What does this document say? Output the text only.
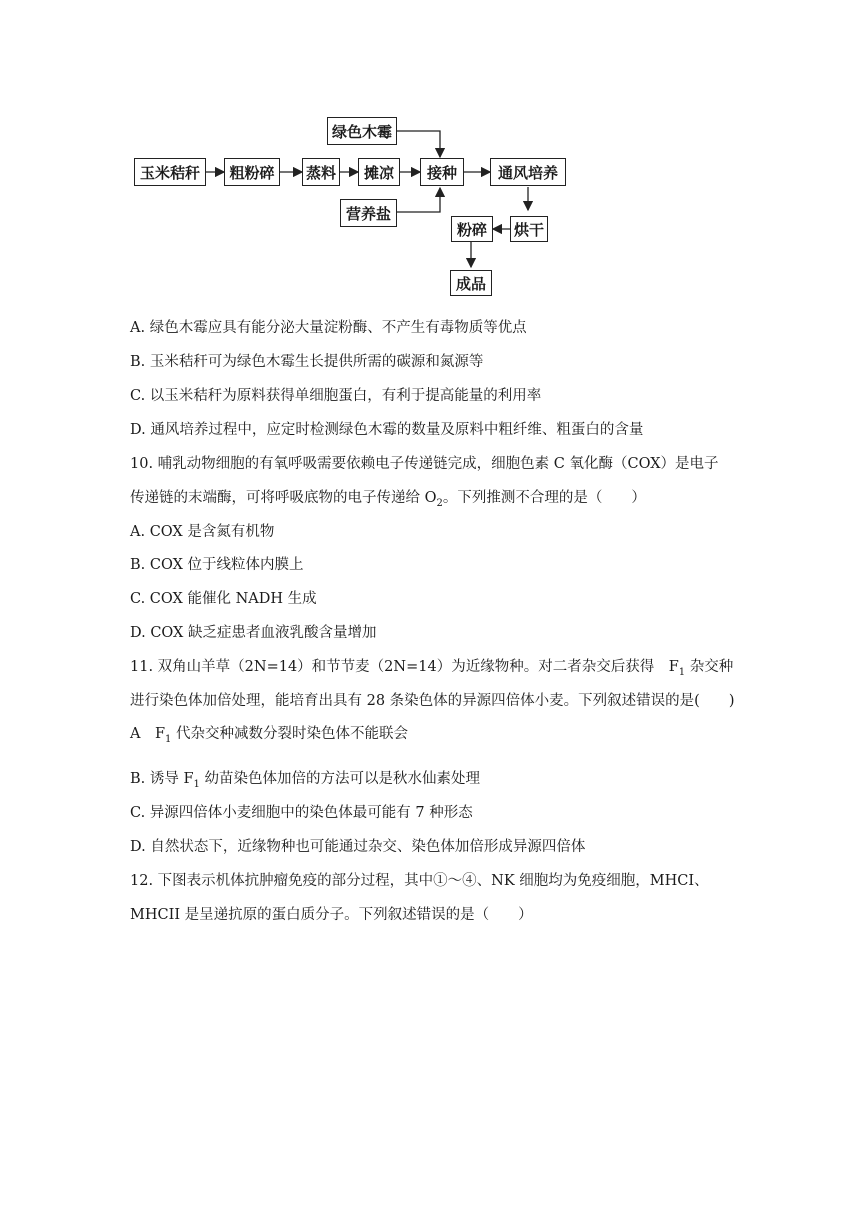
玉米秸秆	粗粉碎	蒸料	摊凉	接种	通风培养
绿色木霉
营养盐
烘干
粉碎
成品
A. 绿色木霉应具有能分泌大量淀粉酶、不产生有毒物质等优点
B. 玉米秸秆可为绿色木霉生长提供所需的碳源和氮源等
C. 以玉米秸秆为原料获得单细胞蛋白，有利于提高能量的利用率
D. 通风培养过程中，应定时检测绿色木霉的数量及原料中粗纤维、粗蛋白的含量
10. 哺乳动物细胞的有氧呼吸需要依赖电子传递链完成，细胞色素 C 氧化酶（COX）是电子
传递链的末端酶，可将呼吸底物的电子传递给 $O_2$。下列推测不合理的是（　　）
A. COX 是含氮有机物
B. COX 位于线粒体内膜上
C. COX 能催化 NADH 生成
D. COX 缺乏症患者血液乳酸含量增加
11. 双角山羊草（2N=14）和节节麦（2N=14）为近缘物种。对二者杂交后获得　$F_1$ 杂交种
进行染色体加倍处理，能培育出具有 28 条染色体的异源四倍体小麦。下列叙述错误的是(　　)
A　$F_1$ 代杂交种减数分裂时染色体不能联会
B. 诱导 $F_1$ 幼苗染色体加倍的方法可以是秋水仙素处理
C. 异源四倍体小麦细胞中的染色体最可能有 7 种形态
D. 自然状态下，近缘物种也可能通过杂交、染色体加倍形成异源四倍体
12. 下图表示机体抗肿瘤免疫的部分过程，其中①～④、NK 细胞均为免疫细胞，MHCI、
MHCII 是呈递抗原的蛋白质分子。下列叙述错误的是（　　）
